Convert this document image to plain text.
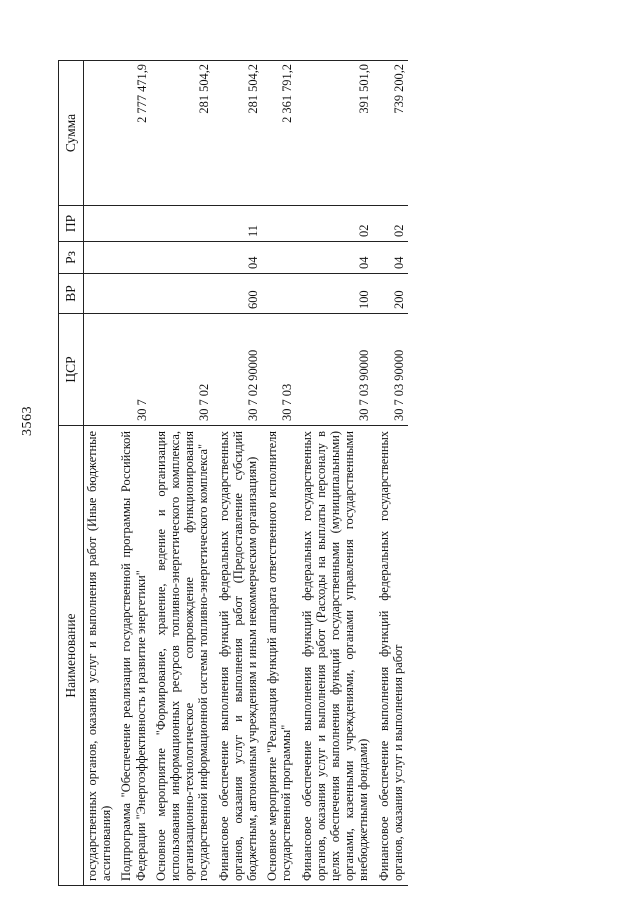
3563
Наименование	ЦСР	ВР	Рз	ПР	Сумма
государственных органов, оказания услуг и выполнения работ (Иные бюджетные ассигнования)					
Подпрограмма "Обеспечение реализации государственной программы Российской Федерации "Энергоэффективность и развитие энергетики"	30 7				2 777 471,9
Основное мероприятие "Формирование, хранение, ведение и организация использования информационных ресурсов топливно-энергетического комплекса, организационно-технологическое сопровождение функционирования государственной информационной системы топливно-энергетического комплекса"	30 7 02				281 504,2
Финансовое обеспечение выполнения функций федеральных государственных органов, оказания услуг и выполнения работ (Предоставление субсидий бюджетным, автономным учреждениям и иным некоммерческим организациям)	30 7 02 90000	600	04	11	281 504,2
Основное мероприятие "Реализация функций аппарата ответственного исполнителя государственной программы"	30 7 03				2 361 791,2
Финансовое обеспечение выполнения функций федеральных государственных органов, оказания услуг и выполнения работ (Расходы на выплаты персоналу в целях обеспечения выполнения функций государственными (муниципальными) органами, казенными учреждениями, органами управления государственными внебюджетными фондами)	30 7 03 90000	100	04	02	391 501,0
Финансовое обеспечение выполнения функций федеральных государственных органов, оказания услуг и выполнения работ	30 7 03 90000	200	04	02	739 200,2
